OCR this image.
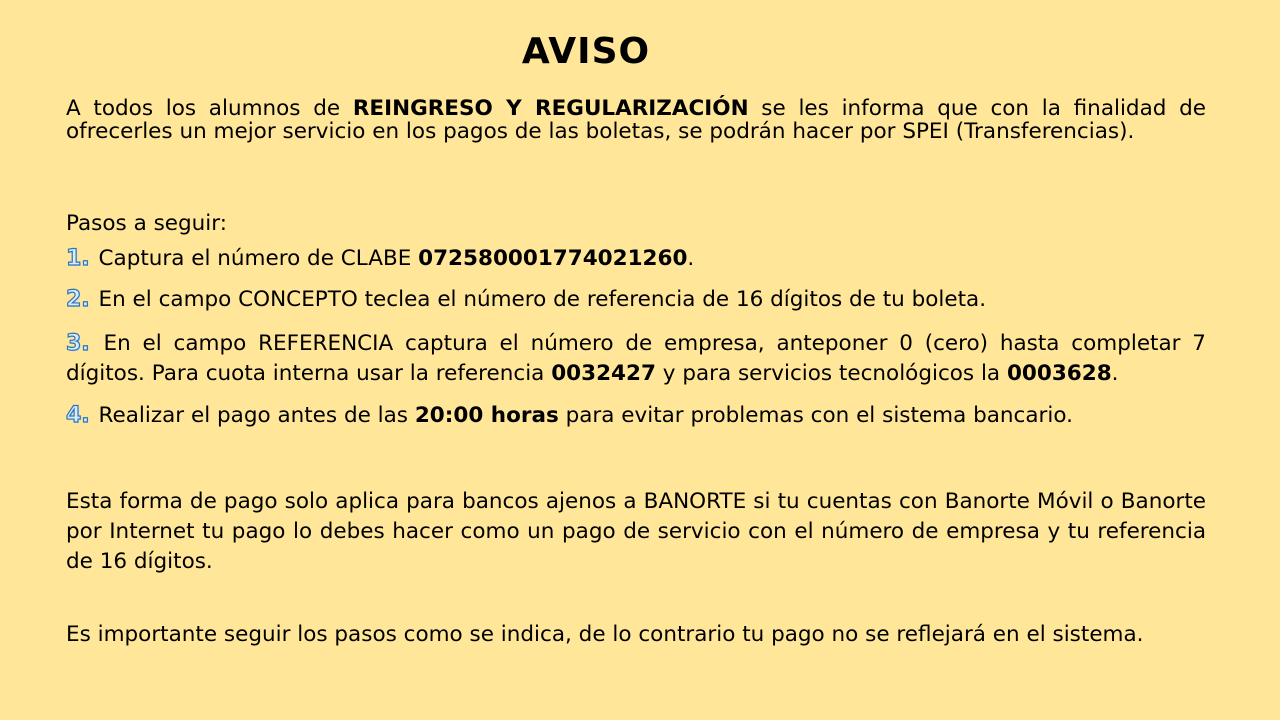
AVISO

A todos los alumnos de REINGRESO Y REGULARIZACIÓN se les informa que con la finalidad de ofrecerles un mejor servicio en los pagos de las boletas, se podrán hacer por SPEI (Transferencias).

Pasos a seguir:

1. Captura el número de CLABE 072580001774021260.

2. En el campo CONCEPTO teclea el número de referencia de 16 dígitos de tu boleta.

3. En el campo REFERENCIA captura el número de empresa, anteponer 0 (cero) hasta completar 7 dígitos. Para cuota interna usar la referencia 0032427 y para servicios tecnológicos la 0003628.

4. Realizar el pago antes de las 20:00 horas para evitar problemas con el sistema bancario.

Esta forma de pago solo aplica para bancos ajenos a BANORTE si tu cuentas con Banorte Móvil o Banorte por Internet tu pago lo debes hacer como un pago de servicio con el número de empresa y tu referencia de 16 dígitos.

Es importante seguir los pasos como se indica, de lo contrario tu pago no se reflejará en el sistema.
